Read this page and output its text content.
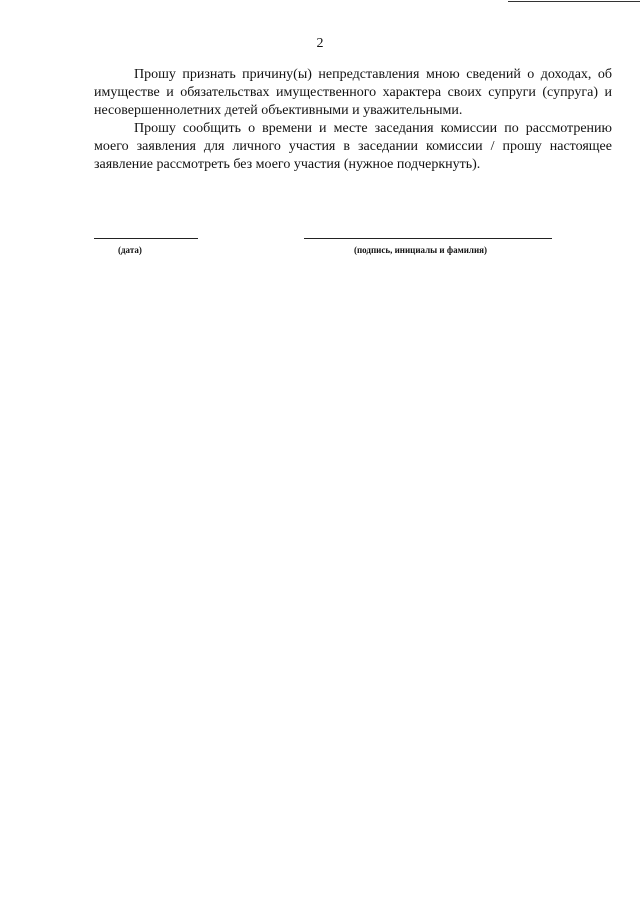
2

Прошу признать причину(ы) непредставления мною сведений о доходах, об имуществе и обязательствах имущественного характера своих супруги (супруга) и несовершеннолетних детей объективными и уважительными.

Прошу сообщить о времени и месте заседания комиссии по рассмотрению моего заявления для личного участия в заседании комиссии / прошу настоящее заявление рассмотреть без моего участия (нужное подчеркнуть).

(дата)	(подпись, инициалы и фамилия)
